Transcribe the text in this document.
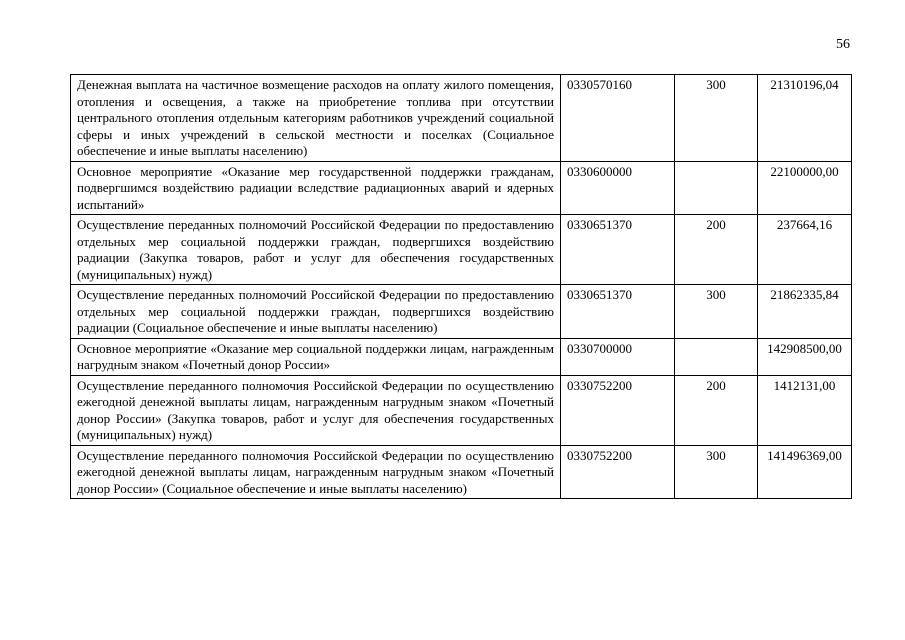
56
Денежная выплата на частичное возмещение расходов на оплату жилого помещения, отопления и освещения, а также на приобретение топлива при отсутствии центрального отопления отдельным категориям работников учреждений социальной сферы и иных учреждений в сельской местности и поселках (Социальное обеспечение и иные выплаты населению)	0330570160	300	21310196,04
Основное мероприятие «Оказание мер государственной поддержки гражданам, подвергшимся воздействию радиации вследствие радиационных аварий и ядерных испытаний»	0330600000		22100000,00
Осуществление переданных полномочий Российской Федерации по предоставлению отдельных мер социальной поддержки граждан, подвергшихся воздействию радиации (Закупка товаров, работ и услуг для обеспечения государственных (муниципальных) нужд)	0330651370	200	237664,16
Осуществление переданных полномочий Российской Федерации по предоставлению отдельных мер социальной поддержки граждан, подвергшихся воздействию радиации (Социальное обеспечение и иные выплаты населению)	0330651370	300	21862335,84
Основное мероприятие «Оказание мер социальной поддержки лицам, награжденным нагрудным знаком «Почетный донор России»	0330700000		142908500,00
Осуществление переданного полномочия Российской Федерации по осуществлению ежегодной денежной выплаты лицам, награжденным нагрудным знаком «Почетный донор России» (Закупка товаров, работ и услуг для обеспечения государственных (муниципальных) нужд)	0330752200	200	1412131,00
Осуществление переданного полномочия Российской Федерации по осуществлению ежегодной денежной выплаты лицам, награжденным нагрудным знаком «Почетный донор России» (Социальное обеспечение и иные выплаты населению)	0330752200	300	141496369,00
